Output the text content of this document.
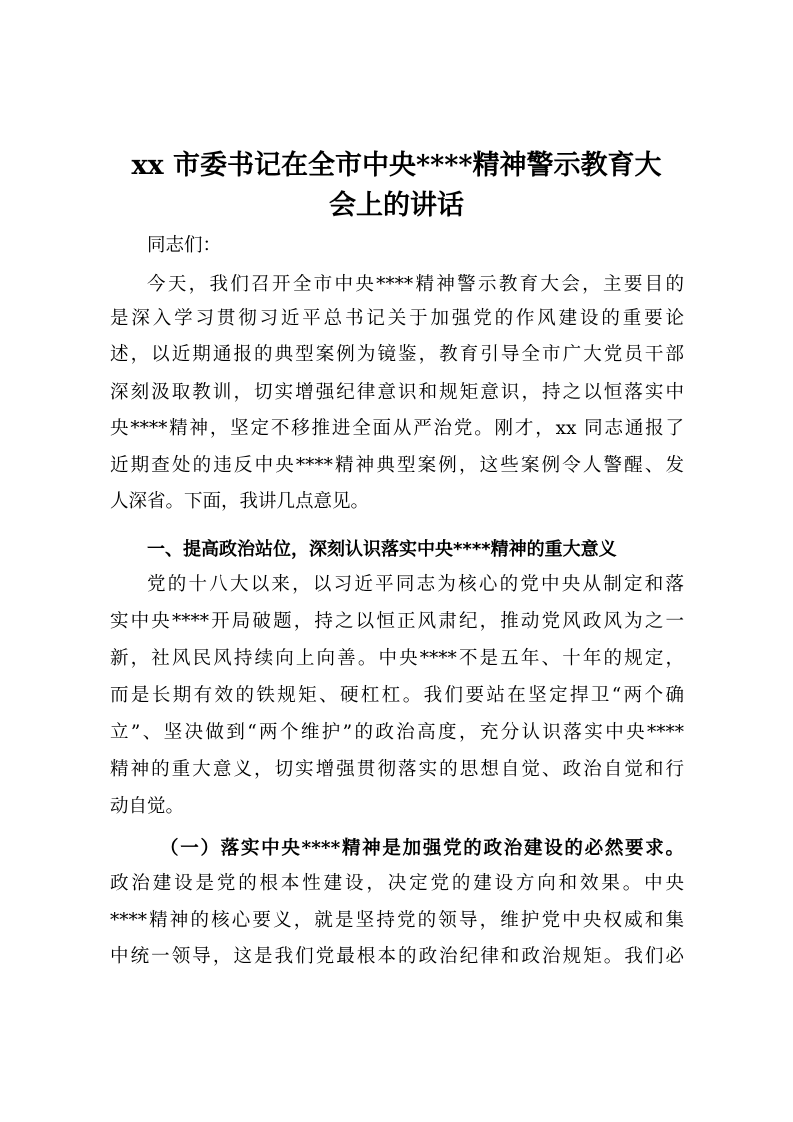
xx 市委书记在全市中央****精神警示教育大
会上的讲话
同志们：
今天，我们召开全市中央****精神警示教育大会，主要目的
是深入学习贯彻习近平总书记关于加强党的作风建设的重要论
述，以近期通报的典型案例为镜鉴，教育引导全市广大党员干部
深刻汲取教训，切实增强纪律意识和规矩意识，持之以恒落实中
央****精神，坚定不移推进全面从严治党。刚才，xx 同志通报了
近期查处的违反中央****精神典型案例，这些案例令人警醒、发
人深省。下面，我讲几点意见。
一、提高政治站位，深刻认识落实中央****精神的重大意义
党的十八大以来，以习近平同志为核心的党中央从制定和落
实中央****开局破题，持之以恒正风肃纪，推动党风政风为之一
新，社风民风持续向上向善。中央****不是五年、十年的规定，
而是长期有效的铁规矩、硬杠杠。我们要站在坚定捍卫“两个确
立”、坚决做到“两个维护”的政治高度，充分认识落实中央****
精神的重大意义，切实增强贯彻落实的思想自觉、政治自觉和行
动自觉。
（一）落实中央****精神是加强党的政治建设的必然要求。
政治建设是党的根本性建设，决定党的建设方向和效果。中央
****精神的核心要义，就是坚持党的领导，维护党中央权威和集
中统一领导，这是我们党最根本的政治纪律和政治规矩。我们必
